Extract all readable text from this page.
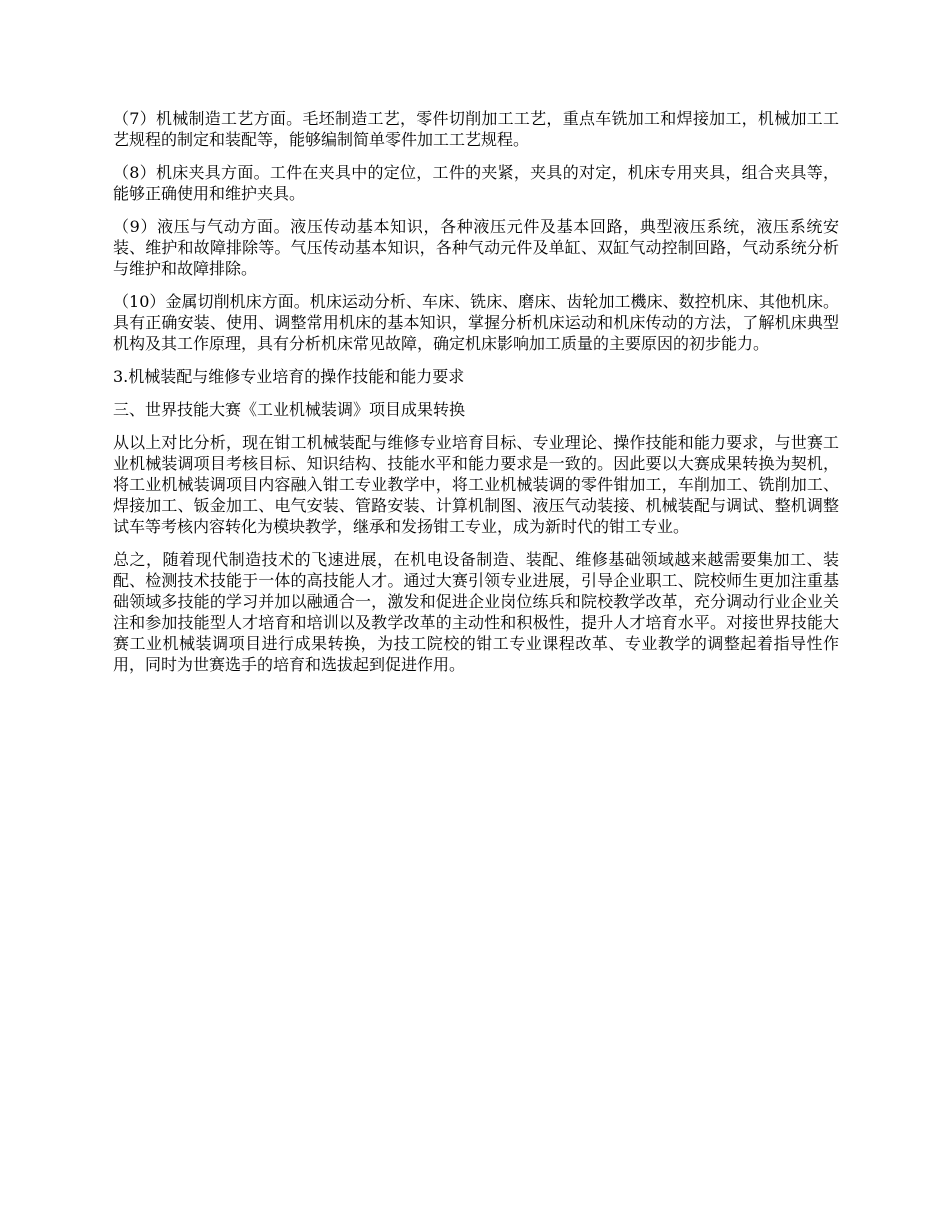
（7）机械制造工艺方面。毛坯制造工艺，零件切削加工工艺，重点车铣加工和焊接加工，机械加工工艺规程的制定和装配等，能够编制简单零件加工工艺规程。

（8）机床夹具方面。工件在夹具中的定位，工件的夹紧，夹具的对定，机床专用夹具，组合夹具等，能够正确使用和维护夹具。

（9）液压与气动方面。液压传动基本知识，各种液压元件及基本回路，典型液压系统，液压系统安装、维护和故障排除等。气压传动基本知识，各种气动元件及单缸、双缸气动控制回路，气动系统分析与维护和故障排除。

（10）金属切削机床方面。机床运动分析、车床、铣床、磨床、齿轮加工機床、数控机床、其他机床。具有正确安装、使用、调整常用机床的基本知识，掌握分析机床运动和机床传动的方法，了解机床典型机构及其工作原理，具有分析机床常见故障，确定机床影响加工质量的主要原因的初步能力。

3.机械装配与维修专业培育的操作技能和能力要求

三、世界技能大赛《工业机械装调》项目成果转换

从以上对比分析，现在钳工机械装配与维修专业培育目标、专业理论、操作技能和能力要求，与世赛工业机械装调项目考核目标、知识结构、技能水平和能力要求是一致的。因此要以大赛成果转换为契机，将工业机械装调项目内容融入钳工专业教学中，将工业机械装调的零件钳加工，车削加工、铣削加工、焊接加工、钣金加工、电气安装、管路安装、计算机制图、液压气动装接、机械装配与调试、整机调整试车等考核内容转化为模块教学，继承和发扬钳工专业，成为新时代的钳工专业。

总之，随着现代制造技术的飞速进展，在机电设备制造、装配、维修基础领域越来越需要集加工、装配、检测技术技能于一体的高技能人才。通过大赛引领专业进展，引导企业职工、院校师生更加注重基础领域多技能的学习并加以融通合一，激发和促进企业岗位练兵和院校教学改革，充分调动行业企业关注和参加技能型人才培育和培训以及教学改革的主动性和积极性，提升人才培育水平。对接世界技能大赛工业机械装调项目进行成果转换，为技工院校的钳工专业课程改革、专业教学的调整起着指导性作用，同时为世赛选手的培育和选拔起到促进作用。
